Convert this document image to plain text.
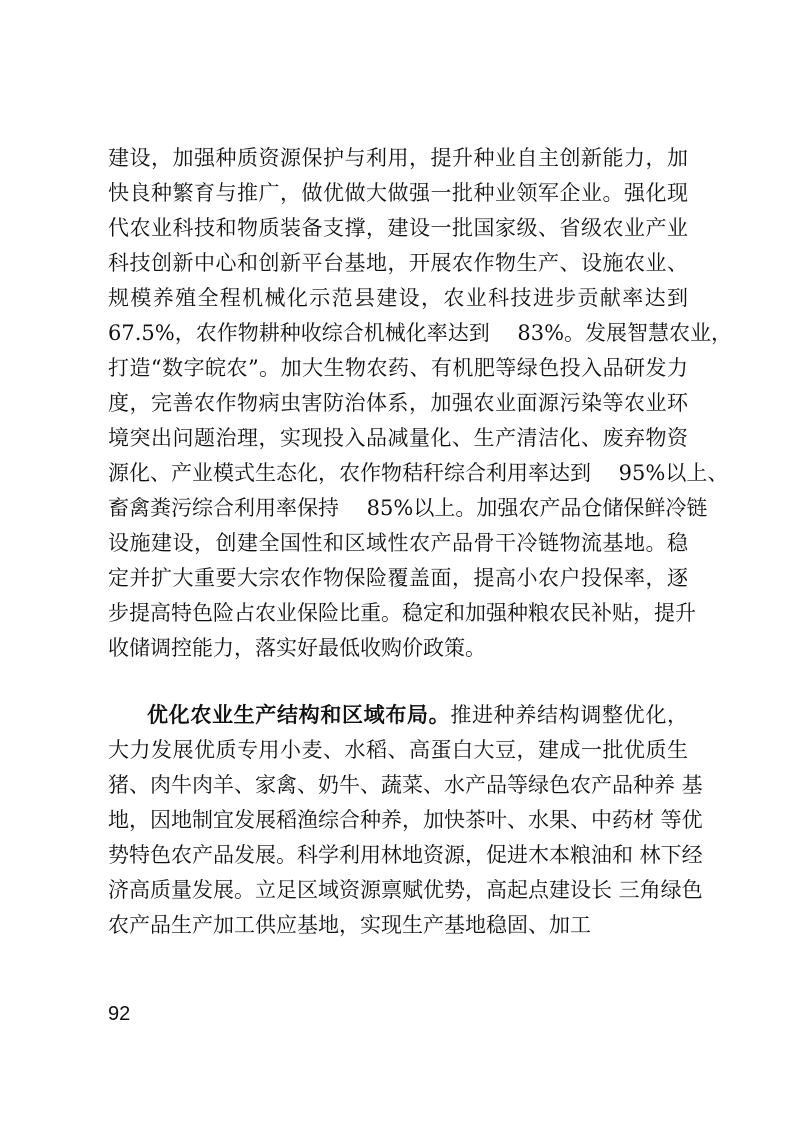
建设，加强种质资源保护与利用，提升种业自主创新能力，加
快良种繁育与推广，做优做大做强一批种业领军企业。强化现
代农业科技和物质装备支撑，建设一批国家级、省级农业产业
科技创新中心和创新平台基地，开展农作物生产、设施农业、
规模养殖全程机械化示范县建设，农业科技进步贡献率达到
67.5%，农作物耕种收综合机械化率达到　 83%。发展智慧农业，
打造“数字皖农”。加大生物农药、有机肥等绿色投入品研发力
度，完善农作物病虫害防治体系，加强农业面源污染等农业环
境突出问题治理，实现投入品减量化、生产清洁化、废弃物资
源化、产业模式生态化，农作物秸秆综合利用率达到　 95%以上、
畜禽粪污综合利用率保持　 85%以上。加强农产品仓储保鲜冷链
设施建设，创建全国性和区域性农产品骨干冷链物流基地。稳
定并扩大重要大宗农作物保险覆盖面，提高小农户投保率，逐
步提高特色险占农业保险比重。稳定和加强种粮农民补贴，提升
收储调控能力，落实好最低收购价政策。
优化农业生产结构和区域布局。推进种养结构调整优化，
大力发展优质专用小麦、水稻、高蛋白大豆，建成一批优质生
猪、肉牛肉羊、家禽、奶牛、蔬菜、水产品等绿色农产品种养 基
地，因地制宜发展稻渔综合种养，加快茶叶、水果、中药材 等优
势特色农产品发展。科学利用林地资源，促进木本粮油和 林下经
济高质量发展。立足区域资源禀赋优势，高起点建设长 三角绿色
农产品生产加工供应基地，实现生产基地稳固、加工
92
